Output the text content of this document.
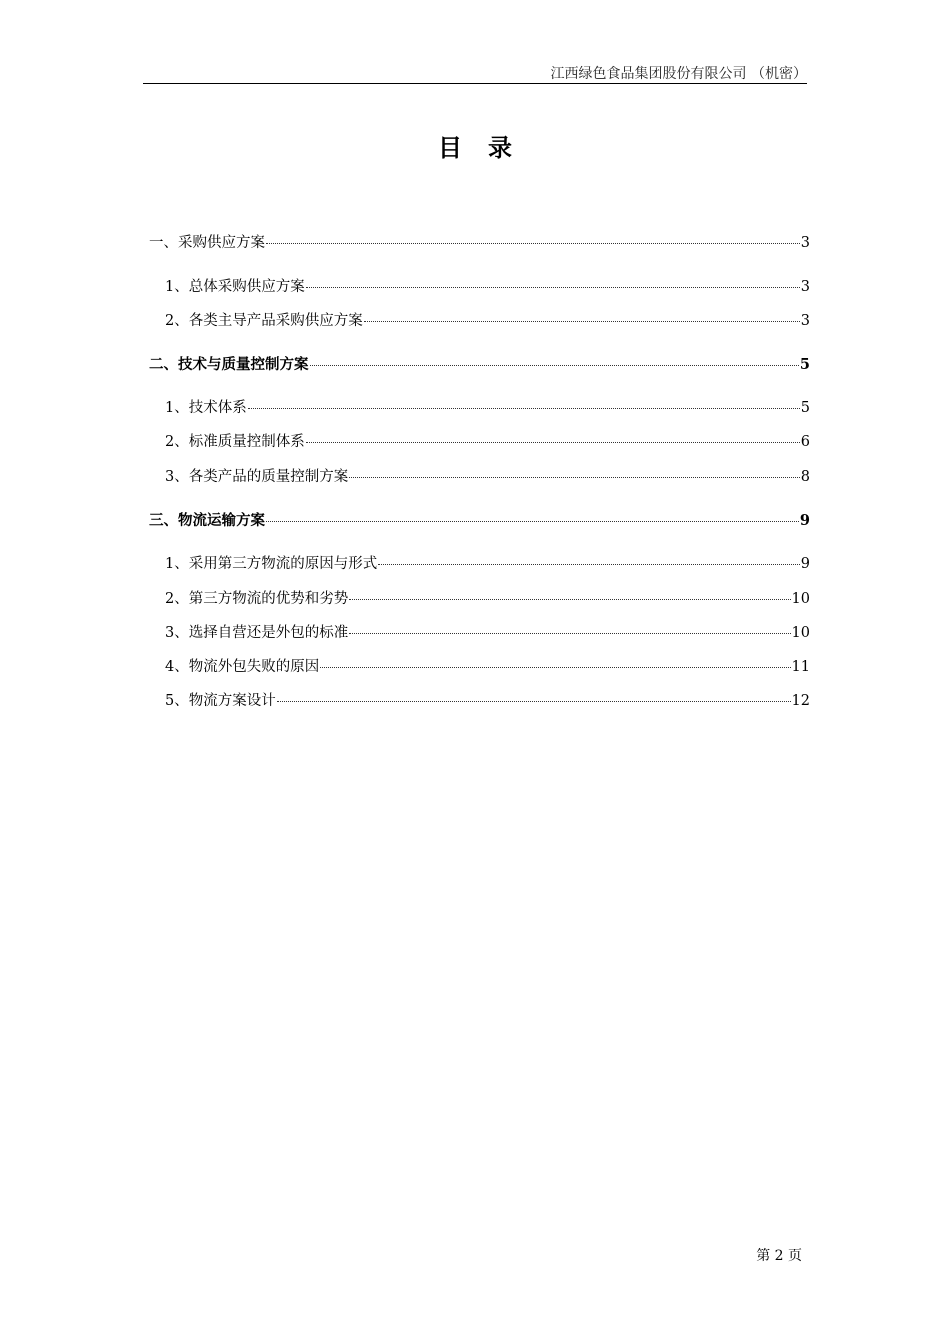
江西绿色食品集团股份有限公司 （机密）
目录
一、采购供应方案	3
1、总体采购供应方案	3
2、各类主导产品采购供应方案	3
二、技术与质量控制方案	5
1、技术体系	5
2、标准质量控制体系	6
3、各类产品的质量控制方案	8
三、物流运输方案	9
1、采用第三方物流的原因与形式	9
2、第三方物流的优势和劣势	10
3、选择自营还是外包的标准	10
4、物流外包失败的原因	11
5、物流方案设计	12
第 2 页
